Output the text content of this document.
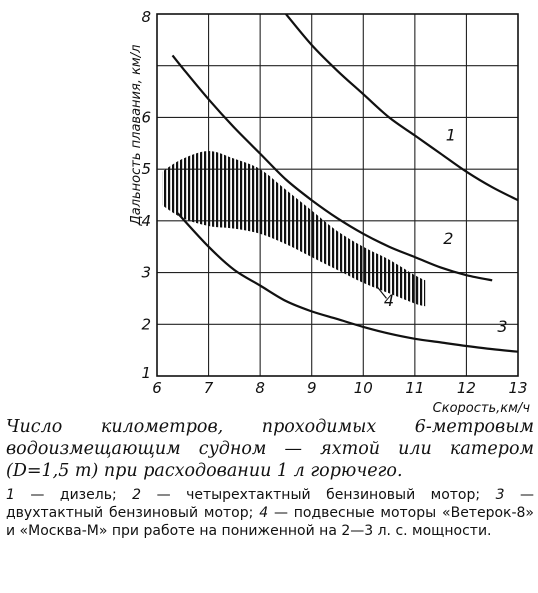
6	7	8	9 10 11 12 13
1
2
3
4
5
6
8
1
2
3
4
Дальность плавания, км/л
Скорость,км/ч

Число километров, проходимых 6-метровым водоизмещающим судном — яхтой или катером (D=1,5 т) при расходовании 1 л горючего.

1 — дизель; 2 — четырехтактный бензиновый мотор; 3 — двухтактный бензиновый мотор; 4 — подвесные моторы «Ветерок-8» и «Москва-М» при работе на пониженной на 2—3 л. с. мощности.
